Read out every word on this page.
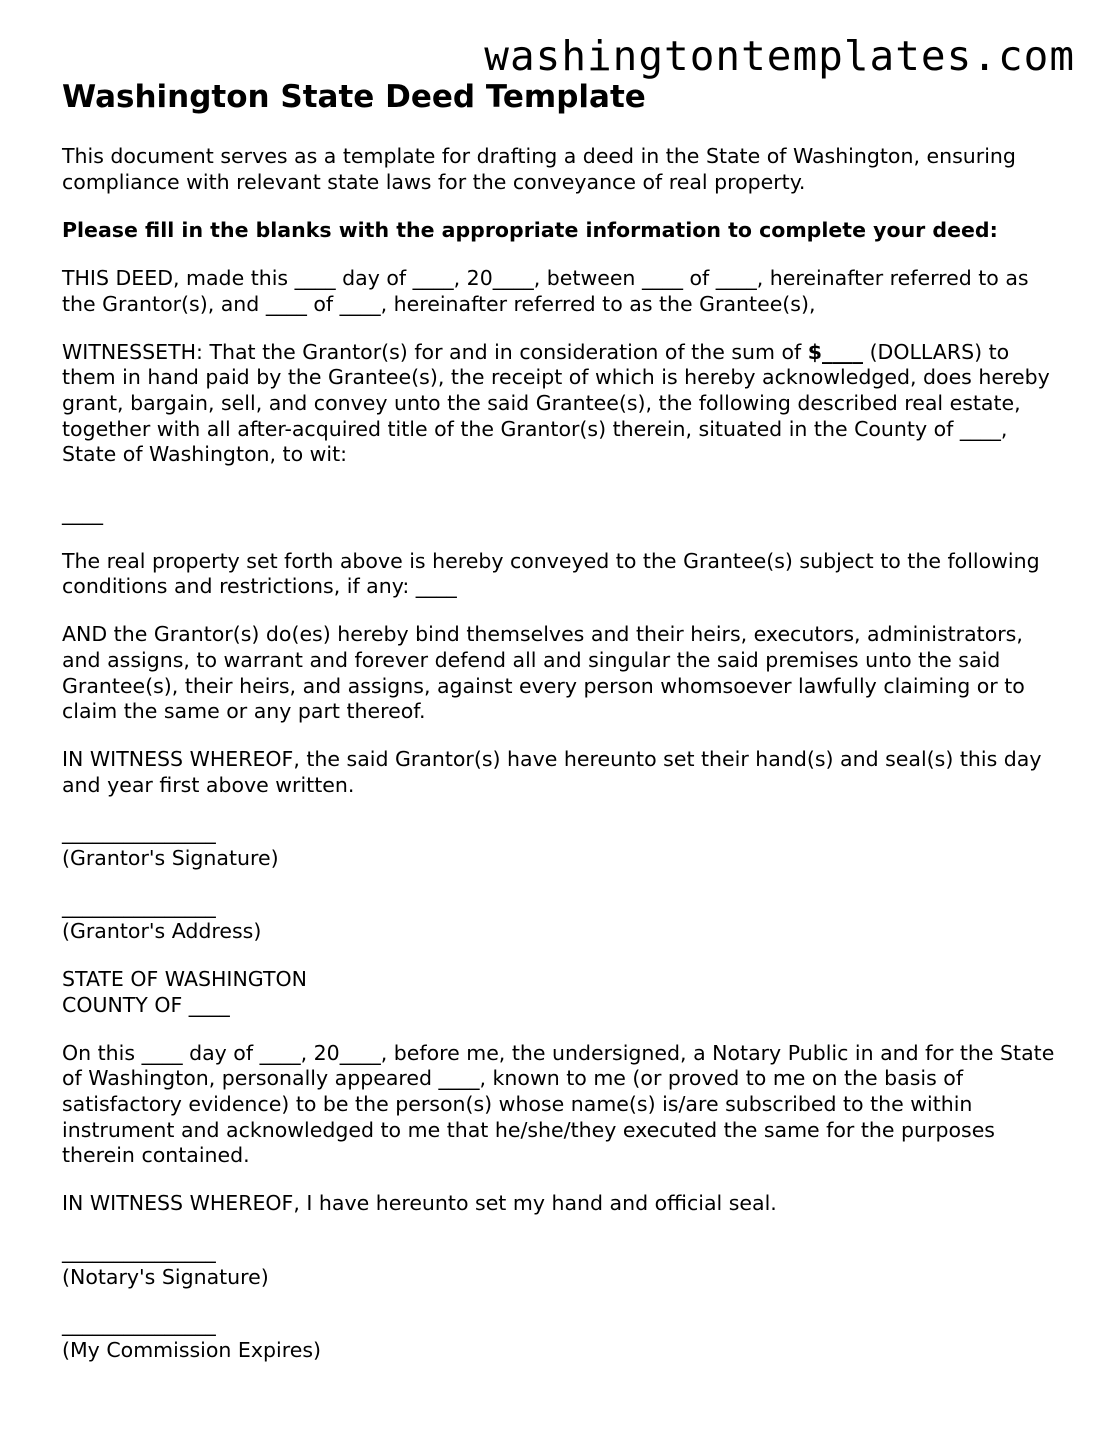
washingtontemplates.com
Washington State Deed Template

This document serves as a template for drafting a deed in the State of Washington, ensuring compliance with relevant state laws for the conveyance of real property.

Please fill in the blanks with the appropriate information to complete your deed:

THIS DEED, made this ____ day of ____, 20____, between ____ of ____, hereinafter referred to as the Grantor(s), and ____ of ____, hereinafter referred to as the Grantee(s),

WITNESSETH: That the Grantor(s) for and in consideration of the sum of $____ (DOLLARS) to them in hand paid by the Grantee(s), the receipt of which is hereby acknowledged, does hereby grant, bargain, sell, and convey unto the said Grantee(s), the following described real estate, together with all after-acquired title of the Grantor(s) therein, situated in the County of ____, State of Washington, to wit:

____

The real property set forth above is hereby conveyed to the Grantee(s) subject to the following conditions and restrictions, if any: ____

AND the Grantor(s) do(es) hereby bind themselves and their heirs, executors, administrators, and assigns, to warrant and forever defend all and singular the said premises unto the said Grantee(s), their heirs, and assigns, against every person whomsoever lawfully claiming or to claim the same or any part thereof.

IN WITNESS WHEREOF, the said Grantor(s) have hereunto set their hand(s) and seal(s) this day and year first above written.

_______________
(Grantor's Signature)

_______________
(Grantor's Address)

STATE OF WASHINGTON
COUNTY OF ____

On this ____ day of ____, 20____, before me, the undersigned, a Notary Public in and for the State of Washington, personally appeared ____, known to me (or proved to me on the basis of satisfactory evidence) to be the person(s) whose name(s) is/are subscribed to the within instrument and acknowledged to me that he/she/they executed the same for the purposes therein contained.

IN WITNESS WHEREOF, I have hereunto set my hand and official seal.

_______________
(Notary's Signature)

_______________
(My Commission Expires)
